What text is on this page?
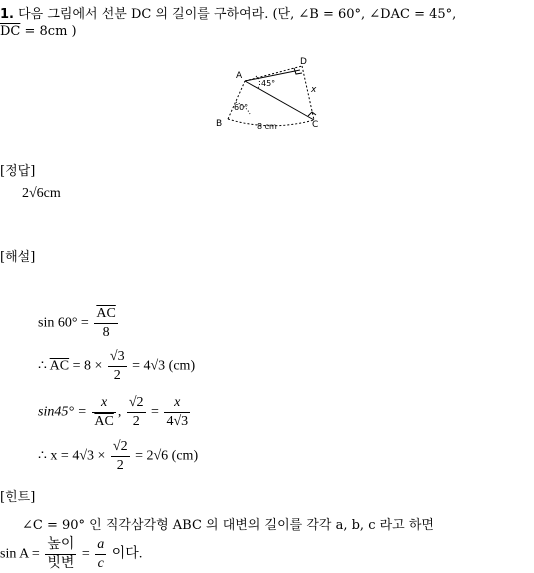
1. 다음 그림에서 선분 DC 의 길이를 구하여라. (단, ∠B = 60°, ∠DAC = 45°,
$\overline{DC} = 8cm$ )
A
B	C
D
60°
45°
x
8 cm
[정답]
2√6cm
[해설]
$\sin 60^\circ = \frac{\overline{AC}}{8}$
∴ $\overline{AC} = 8 \times \frac{√3}{2} = 4√3$ (cm)
$\sin 45^\circ = \frac{x}{AC}$ , $\frac{√2}{2} = \frac{x}{4√3}$
∴ $x = 4√3 \times \frac{√2}{2} = 2√6$ (cm)
[힌트]
∠C = 90° 인 직각삼각형 ABC 의 대변의 길이를 각각 a, b, c 라고 하면
$\sin A = \frac{\text{높이}}{\text{빗변}} = \frac{a}{c}$ 이다.
